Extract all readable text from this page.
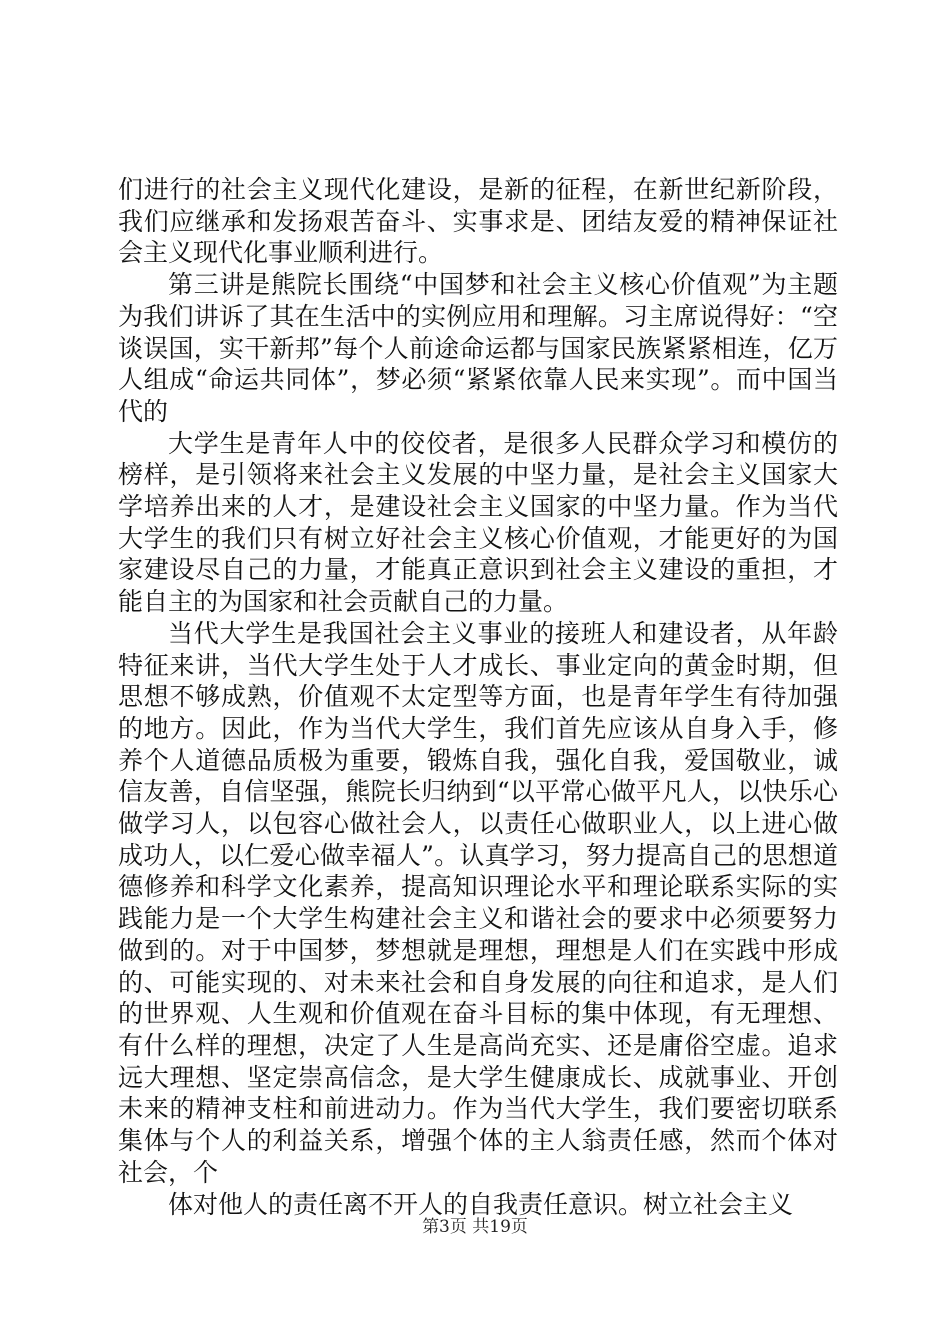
们进行的社会主义现代化建设，是新的征程，在新世纪新阶段，我们应继承和发扬艰苦奋斗、实事求是、团结友爱的精神保证社会主义现代化事业顺利进行。

第三讲是熊院长围绕“中国梦和社会主义核心价值观”为主题为我们讲诉了其在生活中的实例应用和理解。习主席说得好：“空谈误国，实干新邦”每个人前途命运都与国家民族紧紧相连，亿万人组成“命运共同体”，梦必须“紧紧依靠人民来实现”。而中国当代的

大学生是青年人中的佼佼者，是很多人民群众学习和模仿的榜样，是引领将来社会主义发展的中坚力量，是社会主义国家大学培养出来的人才，是建设社会主义国家的中坚力量。作为当代大学生的我们只有树立好社会主义核心价值观，才能更好的为国家建设尽自己的力量，才能真正意识到社会主义建设的重担，才能自主的为国家和社会贡献自己的力量。

当代大学生是我国社会主义事业的接班人和建设者，从年龄特征来讲，当代大学生处于人才成长、事业定向的黄金时期，但思想不够成熟，价值观不太定型等方面，也是青年学生有待加强的地方。因此，作为当代大学生，我们首先应该从自身入手，修养个人道德品质极为重要，锻炼自我，强化自我，爱国敬业，诚信友善，自信坚强，熊院长归纳到“以平常心做平凡人，以快乐心做学习人，以包容心做社会人，以责任心做职业人，以上进心做成功人，以仁爱心做幸福人”。认真学习，努力提高自己的思想道德修养和科学文化素养，提高知识理论水平和理论联系实际的实践能力是一个大学生构建社会主义和谐社会的要求中必须要努力做到的。对于中国梦，梦想就是理想，理想是人们在实践中形成的、可能实现的、对未来社会和自身发展的向往和追求，是人们的世界观、人生观和价值观在奋斗目标的集中体现，有无理想、有什么样的理想，决定了人生是高尚充实、还是庸俗空虚。追求远大理想、坚定崇高信念，是大学生健康成长、成就事业、开创未来的精神支柱和前进动力。作为当代大学生，我们要密切联系集体与个人的利益关系，增强个体的主人翁责任感，然而个体对社会，个

体对他人的责任离不开人的自我责任意识。树立社会主义

第3页 共19页
